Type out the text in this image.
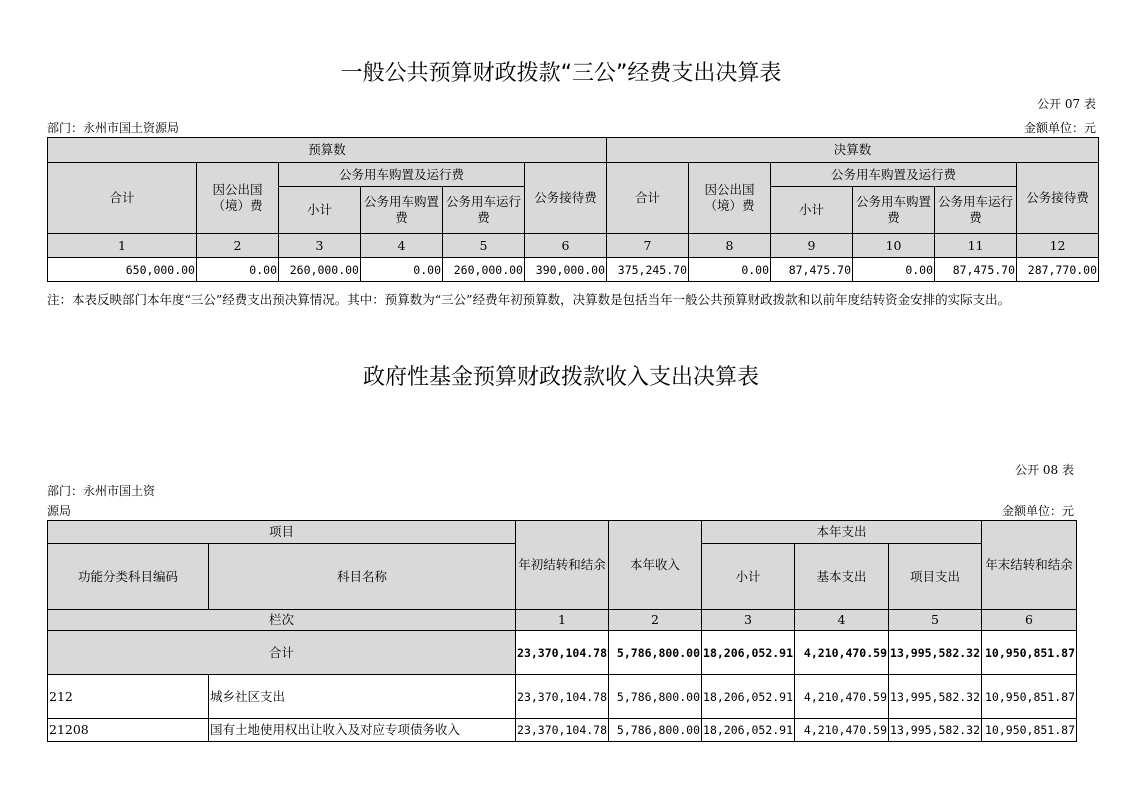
一般公共预算财政拨款“三公”经费支出决算表
公开 07 表
部门：永州市国土资源局	金额单位：元
预算数						决算数					
合计	因公出国（境）费	公务用车购置及运行费			公务接待费	合计	因公出国（境）费	公务用车购置及运行费			公务接待费
		小计	公务用车购置费	公务用车运行费				小计	公务用车购置费	公务用车运行费	
1	2	3	4	5	6	7	8	9	10	11	12
650,000.00	0.00	260,000.00	0.00	260,000.00	390,000.00	375,245.70	0.00	87,475.70	0.00	87,475.70	287,770.00
注：本表反映部门本年度“三公”经费支出预决算情况。其中：预算数为“三公”经费年初预算数，决算数是包括当年一般公共预算财政拨款和以前年度结转资金安排的实际支出。
政府性基金预算财政拨款收入支出决算表
公开 08 表
部门：永州市国土资
源局	金额单位：元
项目		年初结转和结余	本年收入	本年支出			年末结转和结余
功能分类科目编码	科目名称			小计	基本支出	项目支出	
栏次		1	2	3	4	5	6
合计		23,370,104.78	5,786,800.00	18,206,052.91	4,210,470.59	13,995,582.32	10,950,851.87
212	城乡社区支出	23,370,104.78	5,786,800.00	18,206,052.91	4,210,470.59	13,995,582.32	10,950,851.87
21208	国有土地使用权出让收入及对应专项债务收入	23,370,104.78	5,786,800.00	18,206,052.91	4,210,470.59	13,995,582.32	10,950,851.87
